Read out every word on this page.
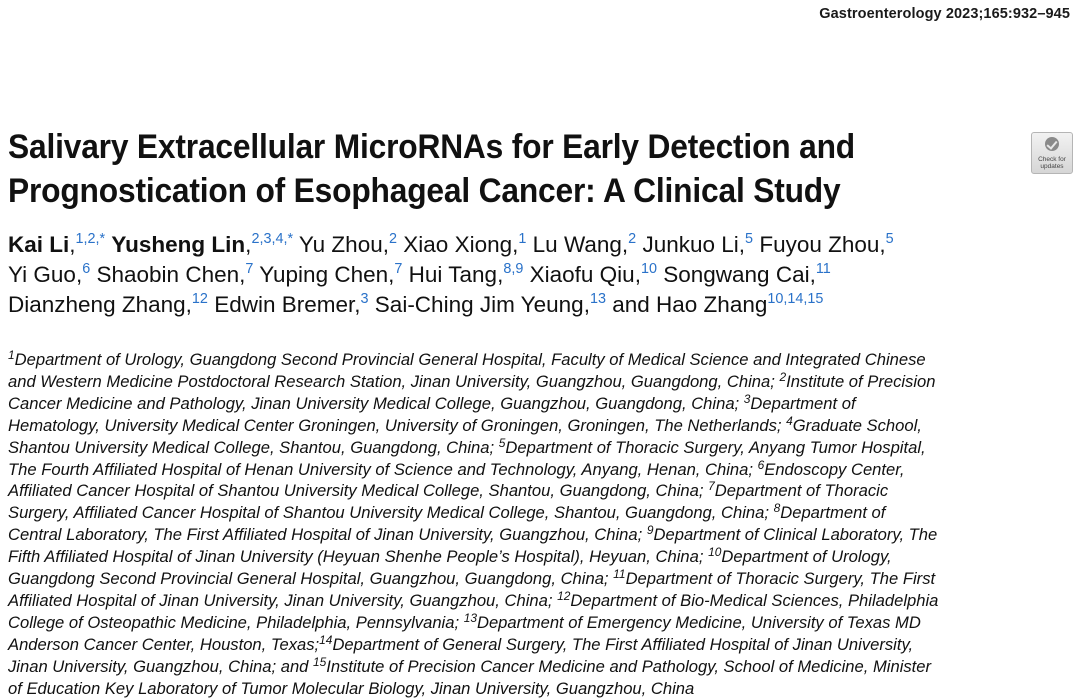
Gastroenterology 2023;165:932–945
Salivary Extracellular MicroRNAs for Early Detection and
Prognostication of Esophageal Cancer: A Clinical Study
Check for
updates
Kai Li,$^{1,2,*}$ Yusheng Lin,$^{2,3,4,*}$ Yu Zhou,$^2$ Xiao Xiong,$^1$ Lu Wang,$^2$ Junkuo Li,$^5$ Fuyou Zhou,$^5$
Yi Guo,$^6$ Shaobin Chen,$^7$ Yuping Chen,$^7$ Hui Tang,$^{8,9}$ Xiaofu Qiu,$^{10}$ Songwang Cai,$^{11}$
Dianzheng Zhang,$^{12}$ Edwin Bremer,$^3$ Sai-Ching Jim Yeung,$^{13}$ and Hao Zhang$^{10,14,15}$
$^1$Department of Urology, Guangdong Second Provincial General Hospital, Faculty of Medical Science and Integrated Chinese
and Western Medicine Postdoctoral Research Station, Jinan University, Guangzhou, Guangdong, China; $^2$Institute of Precision
Cancer Medicine and Pathology, Jinan University Medical College, Guangzhou, Guangdong, China; $^3$Department of
Hematology, University Medical Center Groningen, University of Groningen, Groningen, The Netherlands; $^4$Graduate School,
Shantou University Medical College, Shantou, Guangdong, China; $^5$Department of Thoracic Surgery, Anyang Tumor Hospital,
The Fourth Affiliated Hospital of Henan University of Science and Technology, Anyang, Henan, China; $^6$Endoscopy Center,
Affiliated Cancer Hospital of Shantou University Medical College, Shantou, Guangdong, China; $^7$Department of Thoracic
Surgery, Affiliated Cancer Hospital of Shantou University Medical College, Shantou, Guangdong, China; $^8$Department of
Central Laboratory, The First Affiliated Hospital of Jinan University, Guangzhou, China; $^9$Department of Clinical Laboratory, The
Fifth Affiliated Hospital of Jinan University (Heyuan Shenhe People’s Hospital), Heyuan, China; $^{10}$Department of Urology,
Guangdong Second Provincial General Hospital, Guangzhou, Guangdong, China; $^{11}$Department of Thoracic Surgery, The First
Affiliated Hospital of Jinan University, Jinan University, Guangzhou, China; $^{12}$Department of Bio-Medical Sciences, Philadelphia
College of Osteopathic Medicine, Philadelphia, Pennsylvania; $^{13}$Department of Emergency Medicine, University of Texas MD
Anderson Cancer Center, Houston, Texas;$^{14}$Department of General Surgery, The First Affiliated Hospital of Jinan University,
Jinan University, Guangzhou, China; and $^{15}$Institute of Precision Cancer Medicine and Pathology, School of Medicine, Minister
of Education Key Laboratory of Tumor Molecular Biology, Jinan University, Guangzhou, China
